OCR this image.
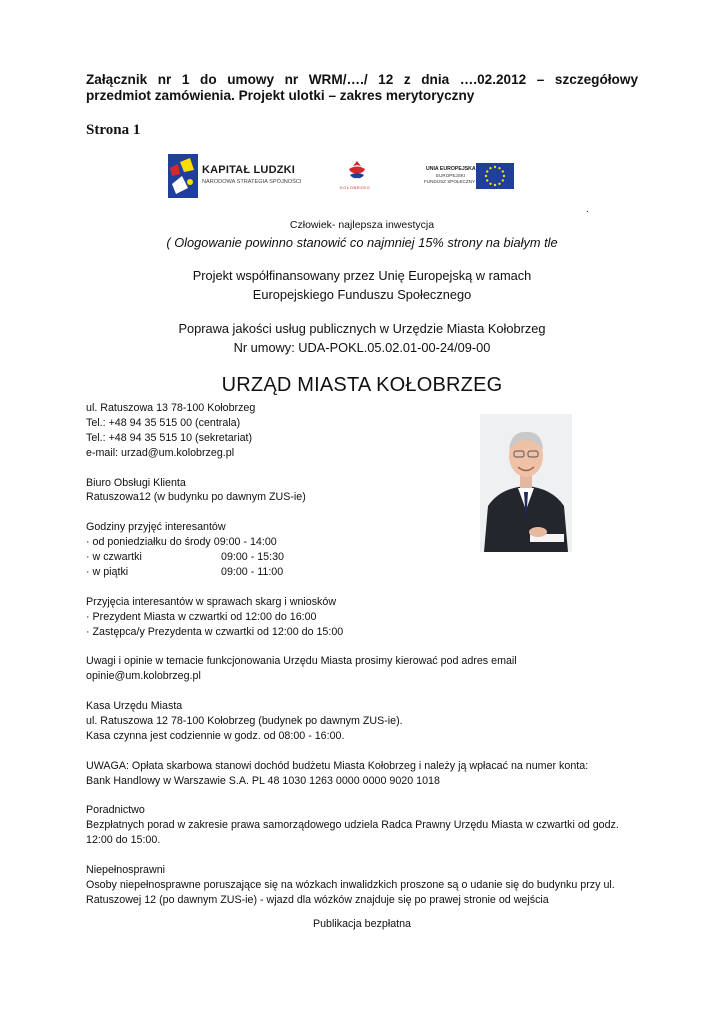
Załącznik nr 1 do umowy nr WRM/…./ 12 z dnia ….02.2012 – szczegółowy
przedmiot zamówienia. Projekt ulotki – zakres merytoryczny
Strona 1
KAPITAŁ LUDZKI
NARODOWA STRATEGIA SPÓJNOŚCI
KOŁOBRZEG
UNIA EUROPEJSKA
EUROPEJSKI
FUNDUSZ SPOŁECZNY
.
Człowiek- najlepsza inwestycja
( Ologowanie powinno stanowić co najmniej 15% strony na białym tle
Projekt współfinansowany przez Unię Europejską w ramach
Europejskiego Funduszu Społecznego
Poprawa jakości usług publicznych w Urzędzie Miasta Kołobrzeg
Nr umowy: UDA-POKL.05.02.01-00-24/09-00
URZĄD MIASTA KOŁOBRZEG

ul. Ratuszowa 13 78-100 Kołobrzeg

Tel.: +48 94 35 515 00 (centrala)

Tel.: +48 94 35 515 10 (sekretariat)

e-mail: urzad@um.kolobrzeg.pl

Biuro Obsługi Klienta

Ratuszowa12 (w budynku po dawnym ZUS-ie)

Godziny przyjęć interesantów

· od poniedziałku do środy 09:00 - 14:00

· w czwartki	09:00 - 15:30

· w piątki	09:00 - 11:00

Przyjęcia interesantów w sprawach skarg i wniosków

· Prezydent Miasta w czwartki od 12:00 do 16:00

· Zastępca/y Prezydenta w czwartki od 12:00 do 15:00

Uwagi i opinie w temacie funkcjonowania Urzędu Miasta prosimy kierować pod adres email

opinie@um.kolobrzeg.pl

Kasa Urzędu Miasta

ul. Ratuszowa 12 78-100 Kołobrzeg (budynek po dawnym ZUS-ie).

Kasa czynna jest codziennie w godz. od 08:00 - 16:00.

UWAGA: Opłata skarbowa stanowi dochód budżetu Miasta Kołobrzeg i należy ją wpłacać na numer konta:

Bank Handlowy w Warszawie S.A. PL 48 1030 1263 0000 0000 9020 1018

Poradnictwo

Bezpłatnych porad w zakresie prawa samorządowego udziela Radca Prawny Urzędu Miasta w czwartki od godz.

12:00 do 15:00.

Niepełnosprawni

Osoby niepełnosprawne poruszające się na wózkach inwalidzkich proszone są o udanie się do budynku przy ul.

Ratuszowej 12 (po dawnym ZUS-ie) - wjazd dla wózków znajduje się po prawej stronie od wejścia

Publikacja bezpłatna
